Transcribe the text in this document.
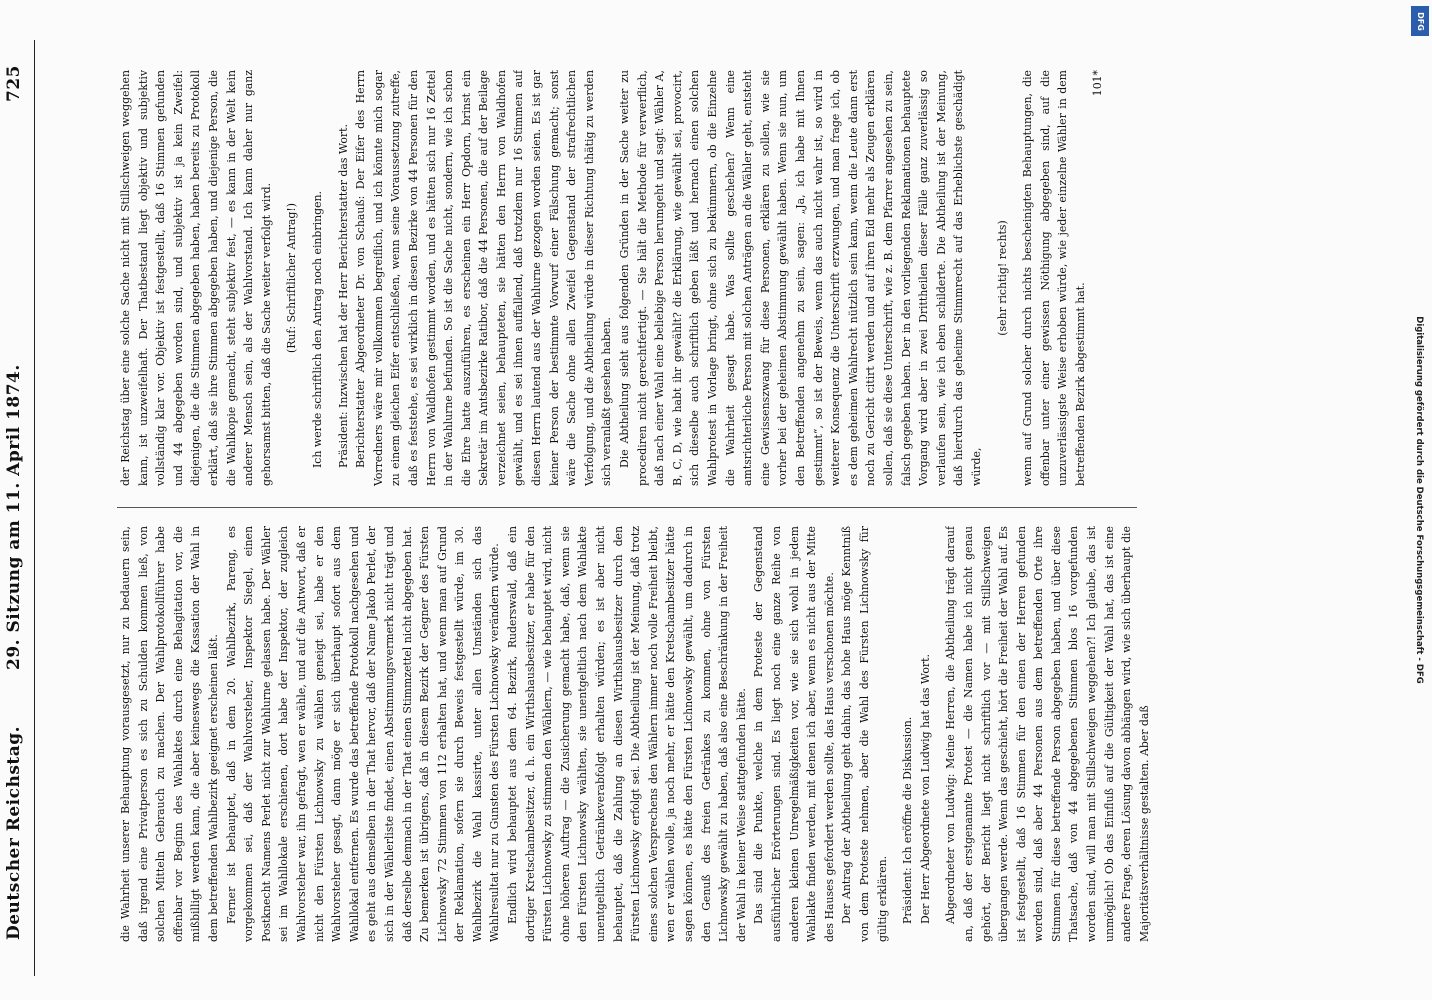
Deutscher Reichstag.
29. Sitzung am 11. April 1874.
725

die Wahrheit unserer Behauptung vorausgesetzt, nur zu bedauern sein, daß irgend eine Privatperson es sich zu Schulden kommen ließ, von solchen Mitteln Gebrauch zu machen. Der Wahlprotokollführer habe offenbar vor Beginn des Wahlaktes durch eine Behagitation vor, die mißbilligt werden kann, die aber keineswegs die Kassation der Wahl in dem betreffenden Wahlbezirk geeignet erscheinen läßt. Ferner ist behauptet, daß in dem 20. Wahlbezirk, Pareng, es vorgekommen sei, daß der Wahlvorsteher, Inspektor Siegel, einen Postknecht Namens Perlet nicht zur Wahlurne gelassen habe. Der Wähler sei im Wahllokale erschienen, dort habe der Inspektor, der zugleich Wahlvorsteher war, ihn gefragt, wen er wähle, und auf die Antwort, daß er nicht den Fürsten Lichnowsky zu wählen geneigt sei, habe er den Wahlvorsteher gesagt, dann möge er sich überhaupt sofort aus dem Wahllokal entfernen. Es wurde das betreffende Protokoll nachgesehen und es geht aus demselben in der That hervor, daß der Name Jakob Perlet, der sich in der Wählerliste findet, einen Abstimmungsvermerk nicht trägt und daß derselbe demnach in der That einen Stimmzettel nicht abgegeben hat. Zu bemerken ist übrigens, daß in diesem Bezirk der Gegner des Fürsten Lichnowsky 72 Stimmen von 112 erhalten hat, und wenn man auf Grund der Reklamation, sofern sie durch Beweis festgestellt würde, im 30. Wahlbezirk die Wahl kassirte, unter allen Umständen sich das Wahlresultat nur zu Gunsten des Fürsten Lichnowsky verändern würde. Endlich wird behauptet aus dem 64. Bezirk, Ruderswald, daß ein dortiger Kretschambesitzer, d. h. ein Wirthshausbesitzer, er habe für den Fürsten Lichnowsky zu stimmen den Wählern, — wie behauptet wird, nicht ohne höheren Auftrag — die Zusicherung gemacht habe, daß, wenn sie den Fürsten Lichnowsky wählten, sie unentgeltlich nach dem Wahlakte unentgeltlich Getränkeverabfolgt erhalten würden; es ist aber nicht behauptet, daß die Zahlung an diesen Wirthshausbesitzer durch den Fürsten Lichnowsky erfolgt sei. Die Abtheilung ist der Meinung, daß trotz eines solchen Versprechens den Wählern immer noch volle Freiheit bleibt, wen er wählen wolle, ja noch mehr, er hätte den Kretschambesitzer hätte sagen können, es hätte den Fürsten Lichnowsky gewählt, um dadurch in den Genuß des freien Getränkes zu kommen, ohne von Fürsten Lichnowsky gewählt zu haben, daß also eine Beschränkung in der Freiheit der Wahl in keiner Weise stattgefunden hätte. Das sind die Punkte, welche in dem Proteste der Gegenstand ausführlicher Erörterungen sind. Es liegt noch eine ganze Reihe von anderen kleinen Unregelmäßigkeiten vor, wie sie sich wohl in jedem Wahlakte finden werden, mit denen ich aber, wenn es nicht aus der Mitte des Hauses gefordert werden sollte, das Haus verschonen möchte. Der Antrag der Abtheilung geht dahin, das hohe Haus möge Kenntniß von dem Proteste nehmen, aber die Wahl des Fürsten Lichnowsky für gültig erklären. Präsident: Ich eröffne die Diskussion. Der Herr Abgeordnete von Ludwig hat das Wort. Abgeordneter von Ludwig: Meine Herren, die Abtheilung trägt darauf an, daß der erstgenannte Protest — die Namen habe ich nicht genau gehört, der Bericht liegt nicht schriftlich vor — mit Stillschweigen übergangen werde. Wenn das geschieht, hört die Freiheit der Wahl auf. Es ist festgestellt, daß 16 Stimmen für den einen der Herren gefunden worden sind, daß aber 44 Personen aus dem betreffenden Orte ihre Stimmen für diese betreffende Person abgegeben haben, und über diese Thatsache, daß von 44 abgegebenen Stimmen blos 16 vorgefunden worden sind, will man mit Stillschweigen weggehen?! Ich glaube, das ist unmöglich! Ob das Einfluß auf die Gültigkeit der Wahl hat, das ist eine andere Frage, deren Lösung davon abhängen wird, wie sich überhaupt die Majoritätsverhältnisse gestalten. Aber daß

der Reichstag über eine solche Sache nicht mit Stillschweigen weggehen kann, ist unzweifelhaft. Der Thatbestand liegt objektiv und subjektiv vollständig klar vor. Objektiv ist festgestellt, daß 16 Stimmen gefunden und 44 abgegeben worden sind, und subjektiv ist ja kein Zweifel: diejenigen, die die Stimmen abgegeben haben, haben bereits zu Protokoll erklärt, daß sie ihre Stimmen abgegeben haben, und diejenige Person, die die Wahlkopie gemacht, steht subjektiv fest, — es kann in der Welt kein anderer Mensch sein, als der Wahlvorstand. Ich kann daher nur ganz gehorsamst bitten, daß die Sache weiter verfolgt wird. (Ruf: Schriftlicher Antrag!) Ich werde schriftlich den Antrag noch einbringen. Präsident: Inzwischen hat der Herr Berichterstatter das Wort. Berichterstatter Abgeordneter Dr. von Schauß: Der Eifer des Herrn Vorredners wäre mir vollkommen begreiflich, und ich könnte mich sogar zu einem gleichen Eifer entschließen, wenn seine Voraussetzung zutreffe, daß es feststehe, es sei wirklich in diesen Bezirke von 44 Personen für den Herrn von Waldhofen gestimmt worden, und es hätten sich nur 16 Zettel in der Wahlurne befunden. So ist die Sache nicht, sondern, wie ich schon die Ehre hatte auszuführen, es erscheinen ein Herr Opdorn, brinst ein Sekretär im Antsbezirke Ratibor, daß die 44 Personen, die auf der Beilage verzeichnet seien, behaupteten, sie hätten den Herrn von Waldhofen gewählt, und es sei ihnen auffallend, daß trotzdem nur 16 Stimmen auf diesen Herrn lautend aus der Wahlurne gezogen worden seien. Es ist gar keiner Person der bestimmte Vorwurf einer Fälschung gemacht; sonst wäre die Sache ohne allen Zweifel Gegenstand der strafrechtlichen Verfolgung, und die Abtheilung würde in dieser Richtung thätig zu werden sich veranlaßt gesehen haben. Die Abtheilung sieht aus folgenden Gründen in der Sache weiter zu procediren nicht gerechtfertigt. — Sie hält die Methode für verwerflich, daß nach einer Wahl eine beliebige Person herumgeht und sagt: Wähler A, B, C, D, wie habt ihr gewählt? die Erklärung, wie gewählt sei, provocirt, sich dieselbe auch schriftlich geben läßt und hernach einen solchen Wahlprotest in Vorlage bringt, ohne sich zu bekümmern, ob die Einzelne die Wahrheit gesagt habe. Was sollte geschehen? Wenn eine amtsrichterliche Person mit solchen Anträgen an die Wähler geht, entsteht eine Gewissenszwang für diese Personen, erklären zu sollen, wie sie vorher bei der geheimen Abstimmung gewählt haben. Wenn sie nun, um den Betreffenden angenehm zu sein, sagen: „Ja, ich habe mit Ihnen gestimmt“, so ist der Beweis, wenn das auch nicht wahr ist, so wird in weiterer Konsequenz die Unterschrift erzwungen, und man frage ich, ob es dem geheimen Wahlrecht nützlich sein kann, wenn die Leute dann erst noch zu Gericht citirt werden und auf ihren Eid mehr als Zeugen erklären sollen, daß sie diese Unterschrift, wie z. B. dem Pfarrer angesehen zu sein, falsch gegeben haben. Der in den vorliegenden Reklamationen behauptete Vorgang wird aber in zwei Drittheilen dieser Fälle ganz zuverlässig so verlaufen sein, wie ich eben schilderte. Die Abtheilung ist der Meinung, daß hierdurch das geheime Stimmrecht auf das Erheblichste geschädigt würde,

(sehr richtig! rechts) wenn auf Grund solcher durch nichts bescheinigten Behauptungen, die offenbar unter einer gewissen Nöthigung abgegeben sind, auf die unzuverlässigste Weise erhoben würde, wie jeder einzelne Wähler in dem betreffenden Bezirk abgestimmt hat.

101*

Digitalisierung gefördert durch die Deutsche Forschungsgemeinschaft - DFG
DFG
